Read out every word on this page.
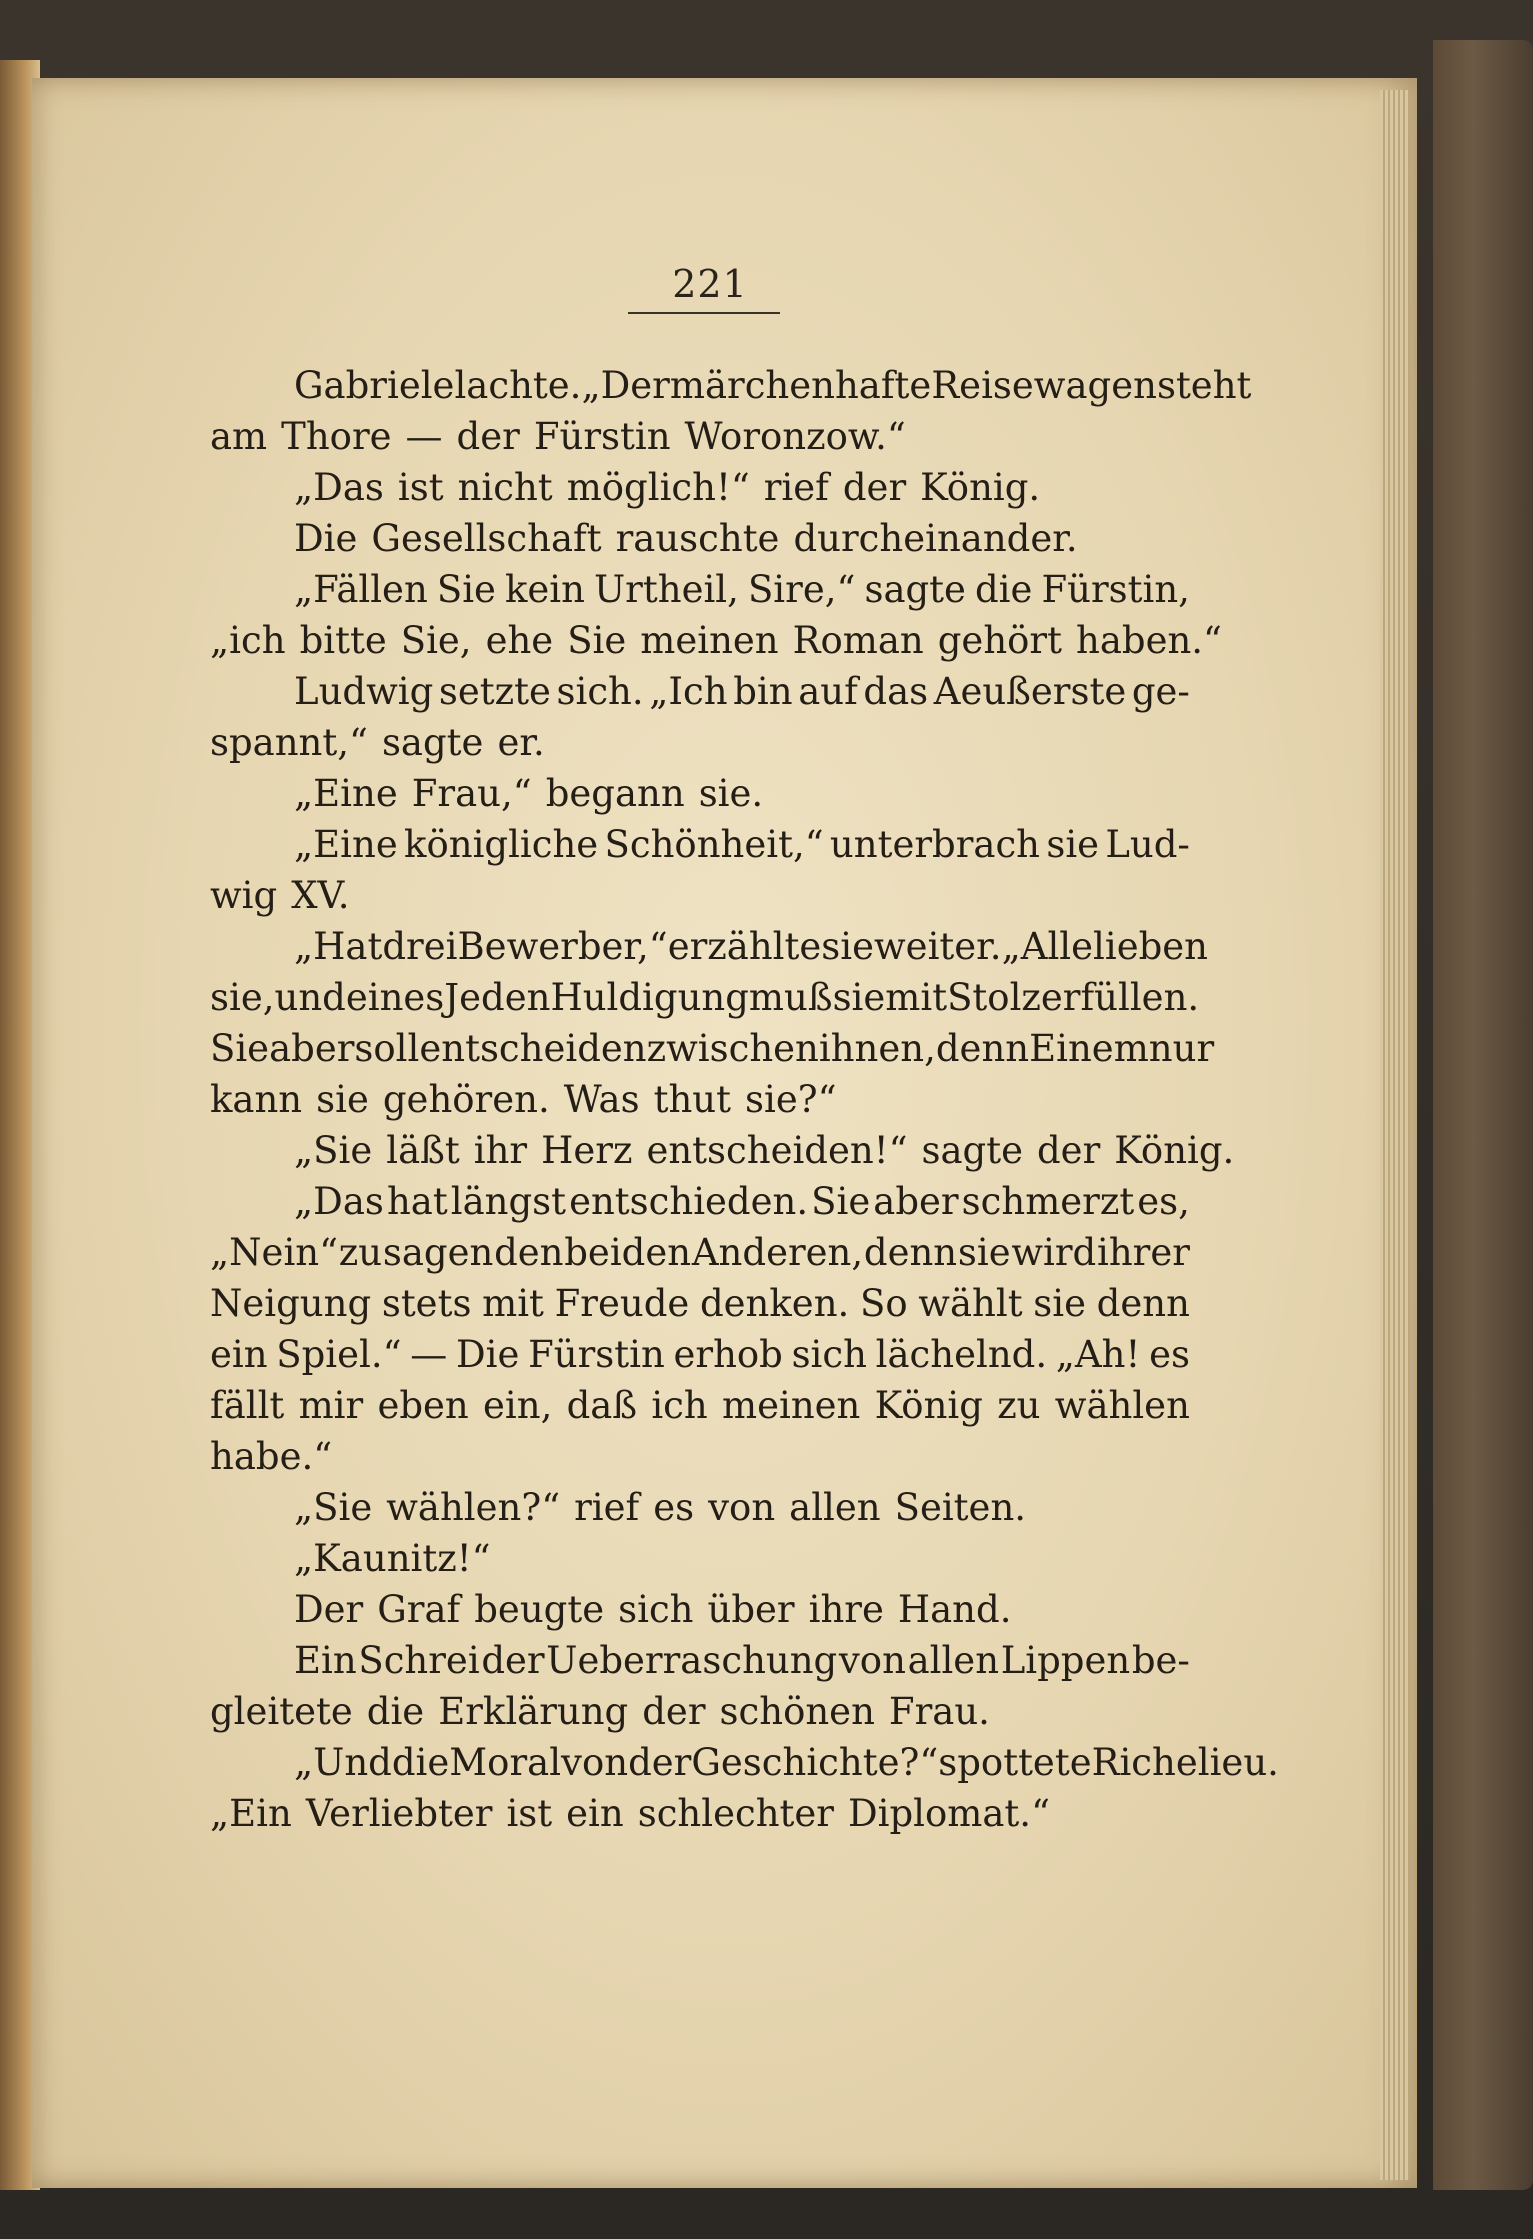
221
Gabriele lachte. „Der märchenhafte Reisewagen steht
am Thore — der Fürstin Woronzow.“
„Das ist nicht möglich!“ rief der König.
Die Gesellschaft rauschte durcheinander.
„Fällen Sie kein Urtheil, Sire,“ sagte die Fürstin,
„ich bitte Sie, ehe Sie meinen Roman gehört haben.“
Ludwig setzte sich. „Ich bin auf das Aeußerste ge-
spannt,“ sagte er.
„Eine Frau,“ begann sie.
„Eine königliche Schönheit,“ unterbrach sie Lud-
wig XV.
„Hat drei Bewerber,“ erzählte sie weiter. „Alle lieben
sie, und eines Jeden Huldigung muß sie mit Stolz erfüllen.
Sie aber soll entscheiden zwischen ihnen, denn Einem nur
kann sie gehören. Was thut sie?“
„Sie läßt ihr Herz entscheiden!“ sagte der König.
„Das hat längst entschieden. Sie aber schmerzt es,
„Nein“ zu sagen den beiden Anderen, denn sie wird ihrer
Neigung stets mit Freude denken. So wählt sie denn
ein Spiel.“ — Die Fürstin erhob sich lächelnd. „Ah! es
fällt mir eben ein, daß ich meinen König zu wählen
habe.“
„Sie wählen?“ rief es von allen Seiten.
„Kaunitz!“
Der Graf beugte sich über ihre Hand.
Ein Schrei der Ueberraschung von allen Lippen be-
gleitete die Erklärung der schönen Frau.
„Und die Moral von der Geschichte?“ spottete Richelieu.
„Ein Verliebter ist ein schlechter Diplomat.“
